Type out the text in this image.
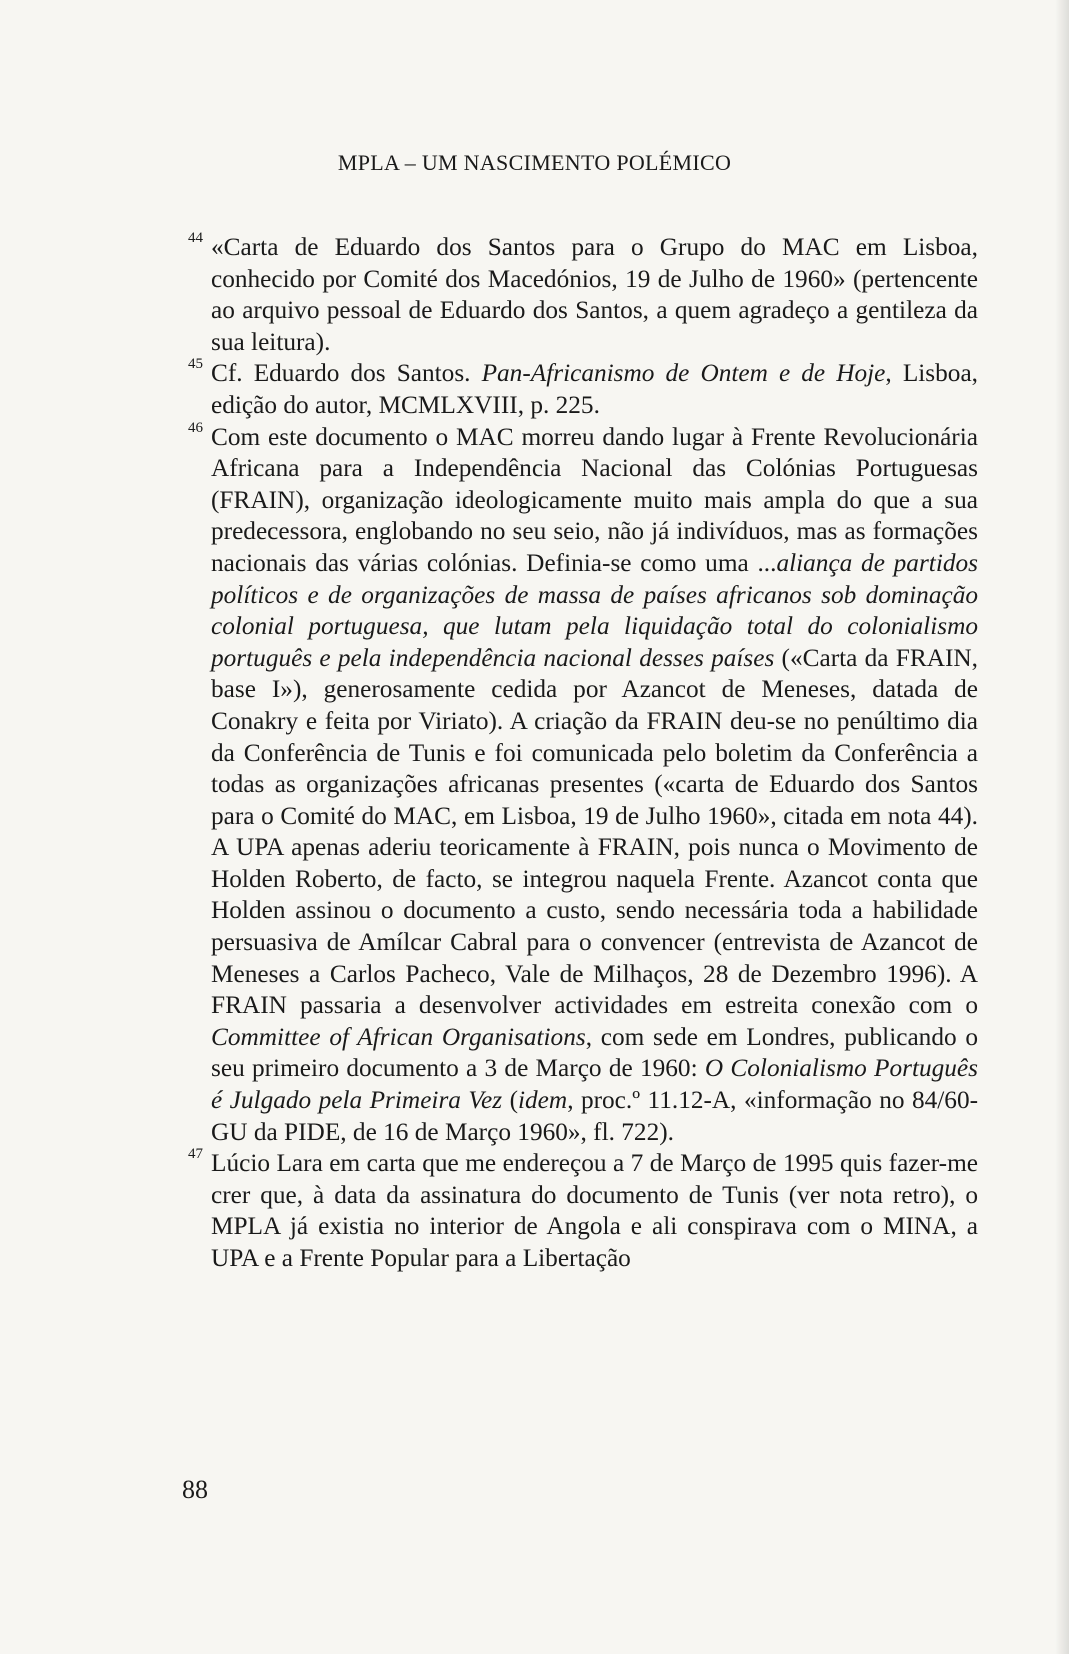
MPLA – UM NASCIMENTO POLÉMICO

44 «Carta de Eduardo dos Santos para o Grupo do MAC em Lisboa, conhecido por Comité dos Macedónios, 19 de Julho de 1960» (pertencente ao arquivo pessoal de Eduardo dos Santos, a quem agradeço a gentileza da sua leitura).

45 Cf. Eduardo dos Santos. Pan-Africanismo de Ontem e de Hoje, Lisboa, edição do autor, MCMLXVIII, p. 225.

46 Com este documento o MAC morreu dando lugar à Frente Revolucionária Africana para a Independência Nacional das Colónias Portuguesas (FRAIN), organização ideologicamente muito mais ampla do que a sua predecessora, englobando no seu seio, não já indivíduos, mas as formações nacionais das várias colónias. Definia-se como uma ...aliança de partidos políticos e de organizações de massa de países africanos sob dominação colonial portuguesa, que lutam pela liquidação total do colonialismo português e pela independência nacional desses países («Carta da FRAIN, base I»), generosamente cedida por Azancot de Meneses, datada de Conakry e feita por Viriato). A criação da FRAIN deu-se no penúltimo dia da Conferência de Tunis e foi comunicada pelo boletim da Conferência a todas as organizações africanas presentes («carta de Eduardo dos Santos para o Comité do MAC, em Lisboa, 19 de Julho 1960», citada em nota 44). A UPA apenas aderiu teoricamente à FRAIN, pois nunca o Movimento de Holden Roberto, de facto, se integrou naquela Frente. Azancot conta que Holden assinou o documento a custo, sendo necessária toda a habilidade persuasiva de Amílcar Cabral para o convencer (entrevista de Azancot de Meneses a Carlos Pacheco, Vale de Milhaços, 28 de Dezembro 1996). A FRAIN passaria a desenvolver actividades em estreita conexão com o Committee of African Organisations, com sede em Londres, publicando o seu primeiro documento a 3 de Março de 1960: O Colonialismo Português é Julgado pela Primeira Vez (idem, proc.º 11.12-A, «informação no 84/60-GU da PIDE, de 16 de Março 1960», fl. 722).

47 Lúcio Lara em carta que me endereçou a 7 de Março de 1995 quis fazer-me crer que, à data da assinatura do documento de Tunis (ver nota retro), o MPLA já existia no interior de Angola e ali conspirava com o MINA, a UPA e a Frente Popular para a Libertação

88
